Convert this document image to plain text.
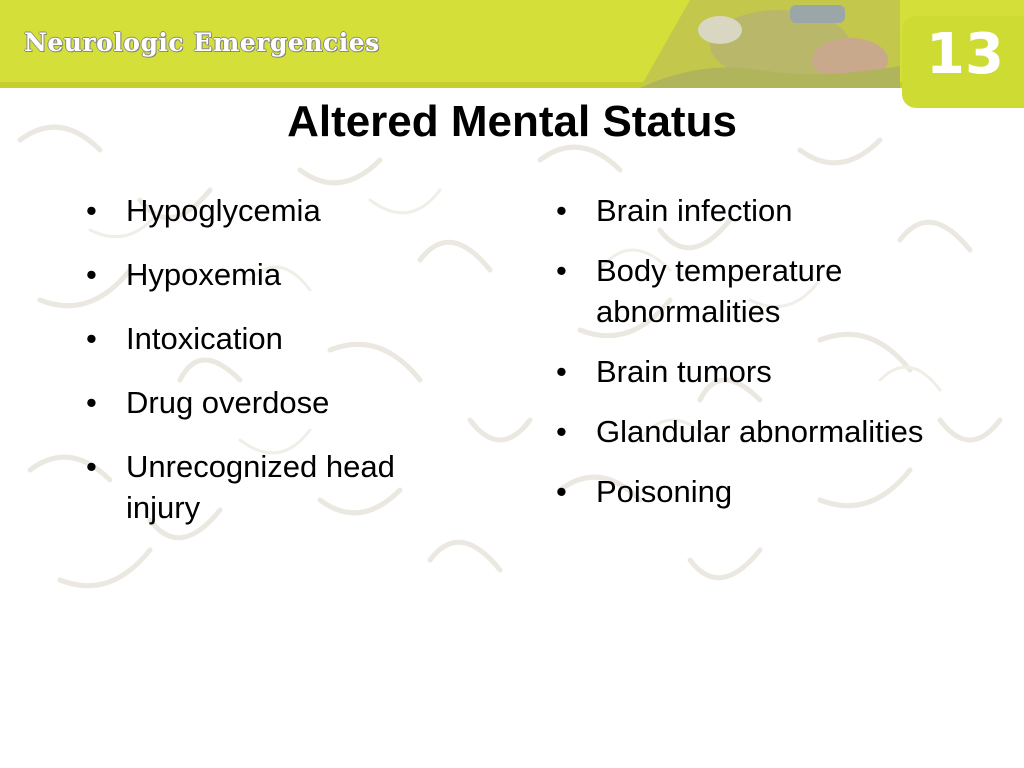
Neurologic Emergencies	13
Altered Mental Status
• Hypoglycemia
• Hypoxemia
• Intoxication
• Drug overdose
• Unrecognized head injury
• Brain infection
• Body temperature abnormalities
• Brain tumors
• Glandular abnormalities
• Poisoning
